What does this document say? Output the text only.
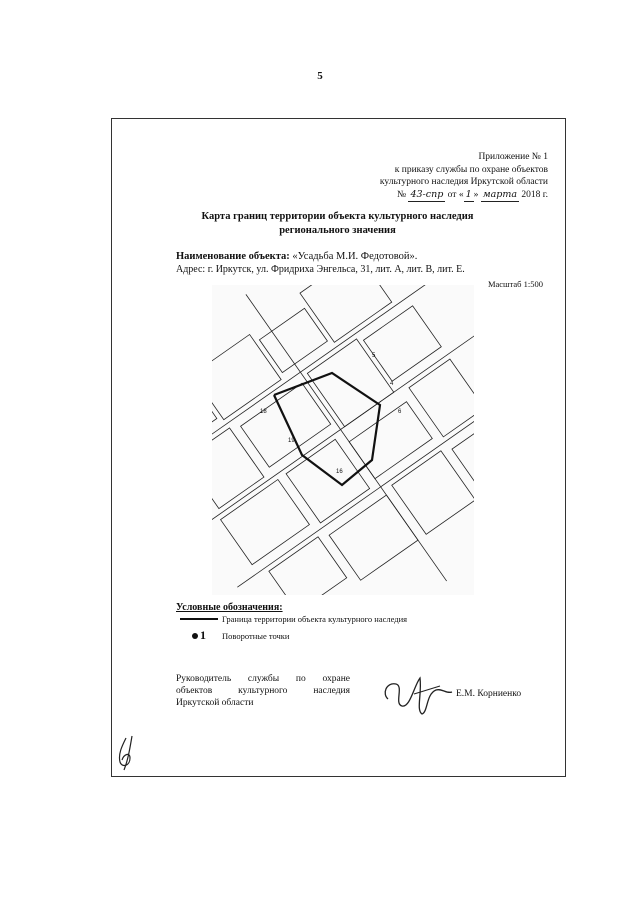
5
Приложение № 1
к приказу службы по охране объектов
культурного наследия Иркутской области
№ 43-спр от « 1 » марта 2018 г.
Карта границ территории объекта культурного наследия
регионального значения
Наименование объекта: «Усадьба М.И. Федотовой».
Адрес: г. Иркутск, ул. Фридриха Энгельса, 31, лит. А, лит. В, лит. Е.
Масштаб 1:500
5
6
16
18
19
4
Условные обозначения:
Граница территории объекта культурного наследия
1 Поворотные точки
Руководитель службы по охране
объектов культурного наследия
Иркутской области
Е.М. Корниенко
